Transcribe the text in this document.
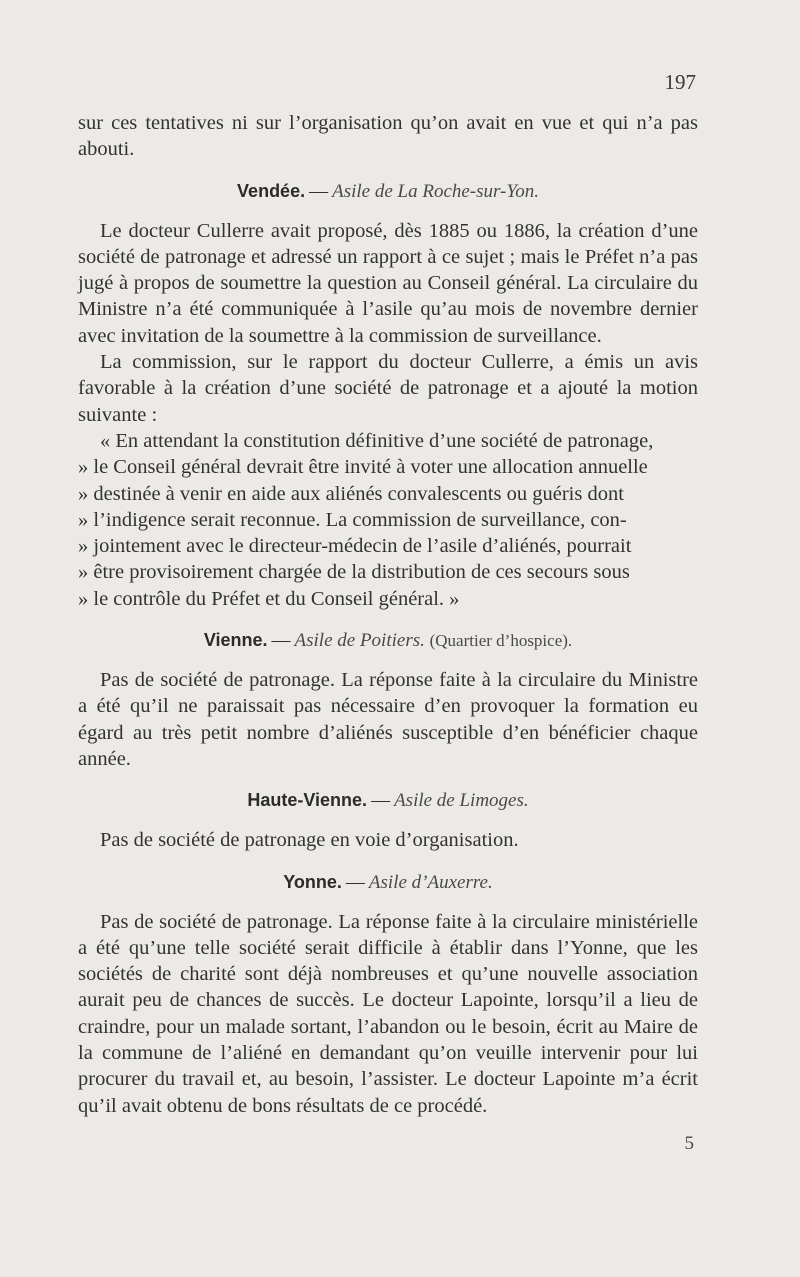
197

sur ces tentatives ni sur l’organisation qu’on avait en vue et qui n’a pas abouti.

Vendée. — Asile de La Roche-sur-Yon.

Le docteur Cullerre avait proposé, dès 1885 ou 1886, la création d’une société de patronage et adressé un rapport à ce sujet ; mais le Préfet n’a pas jugé à propos de soumettre la question au Conseil général. La circulaire du Ministre n’a été communiquée à l’asile qu’au mois de novembre dernier avec invitation de la soumettre à la commission de surveillance.

La commission, sur le rapport du docteur Cullerre, a émis un avis favorable à la création d’une société de patronage et a ajouté la motion suivante :

« En attendant la constitution définitive d’une société de patronage,

» le Conseil général devrait être invité à voter une allocation annuelle

» destinée à venir en aide aux aliénés convalescents ou guéris dont

» l’indigence serait reconnue. La commission de surveillance, con-

» jointement avec le directeur-médecin de l’asile d’aliénés, pourrait

» être provisoirement chargée de la distribution de ces secours sous

» le contrôle du Préfet et du Conseil général. »

Vienne. — Asile de Poitiers. (Quartier d’hospice).

Pas de société de patronage. La réponse faite à la circulaire du Ministre a été qu’il ne paraissait pas nécessaire d’en provoquer la formation eu égard au très petit nombre d’aliénés susceptible d’en bénéficier chaque année.

Haute-Vienne. — Asile de Limoges.

Pas de société de patronage en voie d’organisation.

Yonne. — Asile d’Auxerre.

Pas de société de patronage. La réponse faite à la circulaire ministérielle a été qu’une telle société serait difficile à établir dans l’Yonne, que les sociétés de charité sont déjà nombreuses et qu’une nouvelle association aurait peu de chances de succès. Le docteur Lapointe, lorsqu’il a lieu de craindre, pour un malade sortant, l’abandon ou le besoin, écrit au Maire de la commune de l’aliéné en demandant qu’on veuille intervenir pour lui procurer du travail et, au besoin, l’assister. Le docteur Lapointe m’a écrit qu’il avait obtenu de bons résultats de ce procédé.

5
